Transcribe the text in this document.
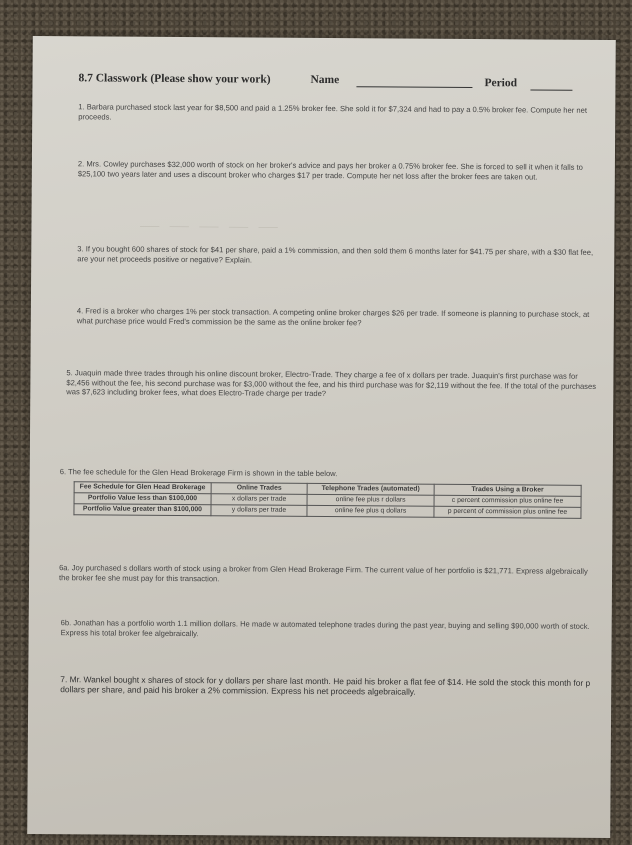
8.7 Classwork (Please show your work)	Name	Period
1. Barbara purchased stock last year for $8,500 and paid a 1.25% broker fee. She sold it for $7,324 and had to pay a 0.5% broker fee. Compute her net proceeds.
2. Mrs. Cowley purchases $32,000 worth of stock on her broker's advice and pays her broker a 0.75% broker fee. She is forced to sell it when it falls to $25,100 two years later and uses a discount broker who charges $17 per trade. Compute her net loss after the broker fees are taken out.
⸺ ⸺ ⸺ ⸺ ⸺
3. If you bought 600 shares of stock for $41 per share, paid a 1% commission, and then sold them 6 months later for $41.75 per share, with a $30 flat fee, are your net proceeds positive or negative? Explain.
4. Fred is a broker who charges 1% per stock transaction. A competing online broker charges $26 per trade. If someone is planning to purchase stock, at what purchase price would Fred's commission be the same as the online broker fee?
5. Juaquin made three trades through his online discount broker, Electro-Trade. They charge a fee of x dollars per trade. Juaquin's first purchase was for $2,456 without the fee, his second purchase was for $3,000 without the fee, and his third purchase was for $2,119 without the fee. If the total of the purchases was $7,623 including broker fees, what does Electro-Trade charge per trade?
6. The fee schedule for the Glen Head Brokerage Firm is shown in the table below.
Fee Schedule for Glen Head Brokerage	Online Trades	Telephone Trades (automated)	Trades Using a Broker
Portfolio Value less than $100,000	x dollars per trade	online fee plus r dollars	c percent commission plus online fee
Portfolio Value greater than $100,000	y dollars per trade	online fee plus q dollars	p percent of commission plus online fee
6a. Joy purchased s dollars worth of stock using a broker from Glen Head Brokerage Firm. The current value of her portfolio is $21,771. Express algebraically the broker fee she must pay for this transaction.
6b. Jonathan has a portfolio worth 1.1 million dollars. He made w automated telephone trades during the past year, buying and selling $90,000 worth of stock. Express his total broker fee algebraically.
7. Mr. Wankel bought x shares of stock for y dollars per share last month. He paid his broker a flat fee of $14. He sold the stock this month for p dollars per share, and paid his broker a 2% commission. Express his net proceeds algebraically.
